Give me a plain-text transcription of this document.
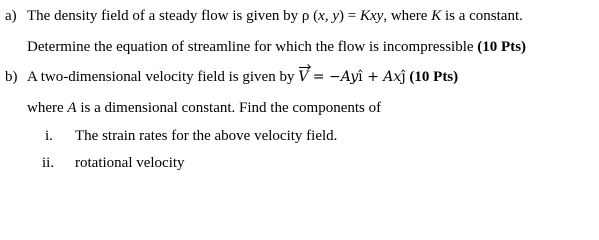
a) The density field of a steady flow is given by ρ (x, y) = Kxy, where K is a constant.
Determine the equation of streamline for which the flow is incompressible (10 Pts)
b) A two-dimensional velocity field is given by V = −Ayî + Axĵ (10 Pts)
where A is a dimensional constant. Find the components of
i. The strain rates for the above velocity field.
ii. rotational velocity
